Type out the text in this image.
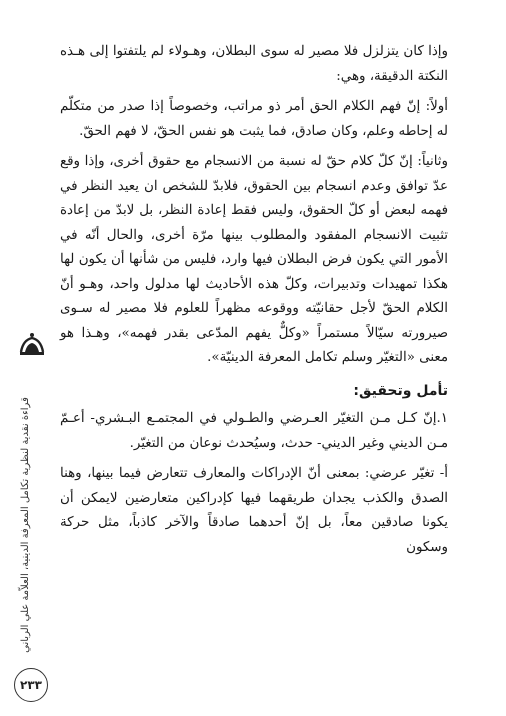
وإذا كان يتزلزل فلا مصير له سوى البطلان، وهـولاء لم يلتفتوا إلى هـذه النكتة الدقيقة، وهي:

أولاً: إنّ فهم الكلام الحق أمر ذو مراتب، وخصوصاً إذا صدر من متكلّم له إحاطه وعلم، وكان صادق، فما يثبت هو نفس الحقّ، لا فهم الحقّ.

وثانياً: إنّ كلّ كلام حقّ له نسبة من الانسجام مع حقوق أخرى، وإذا وقع عدّ توافق وعدم انسجام بين الحقوق، فلابدّ للشخص ان يعيد النظر في فهمه لبعض أو كلّ الحقوق، وليس فقط إعادة النظر، بل لابدّ من إعادة تثبيت الانسجام المفقود والمطلوب بينها مرّة أخرى، والحال أنّه في الأمور التي يكون فرض البطلان فيها وارد، فليس من شأنها أن يكون لها هكذا تمهيدات وتدبيرات، وكلّ هذه الأحاديث لها مدلول واحد، وهـو أنّ الكلام الحقّ لأجل حقانيّته ووقوعه مظهراً للعلوم فلا مصير له سـوى صيرورته سيّالاً مستمراً «وكلٌّ يفهم المدّعى بقدر فهمه»، وهـذا هو معنى «التغيّر وسلم تكامل المعرفة الدينيّة».

تأمل وتحقيق:

١.إنّ كـل مـن التغيّر العـرضي والطـولي في المجتمـع البـشري- أعـمّ مـن الديني وغير الديني- حدث، وسيُحدث نوعان من التغيّر.

أ- تغيّر عرضي: بمعنى أنّ الإدراكات والمعارف تتعارض فيما بينها، وهنا الصدق والكذب يجدان طريقهما فيها كإدراكين متعارضين لايمكن أن يكونا صادقين معاً، بل إنّ أحدهما صادقاً والآخر كاذباً، مثل حركة وسكون

قراءة نقدية لنظرية تكامل المعرفة الدينية، العلاّمة علي الرباني
٢٣٣
